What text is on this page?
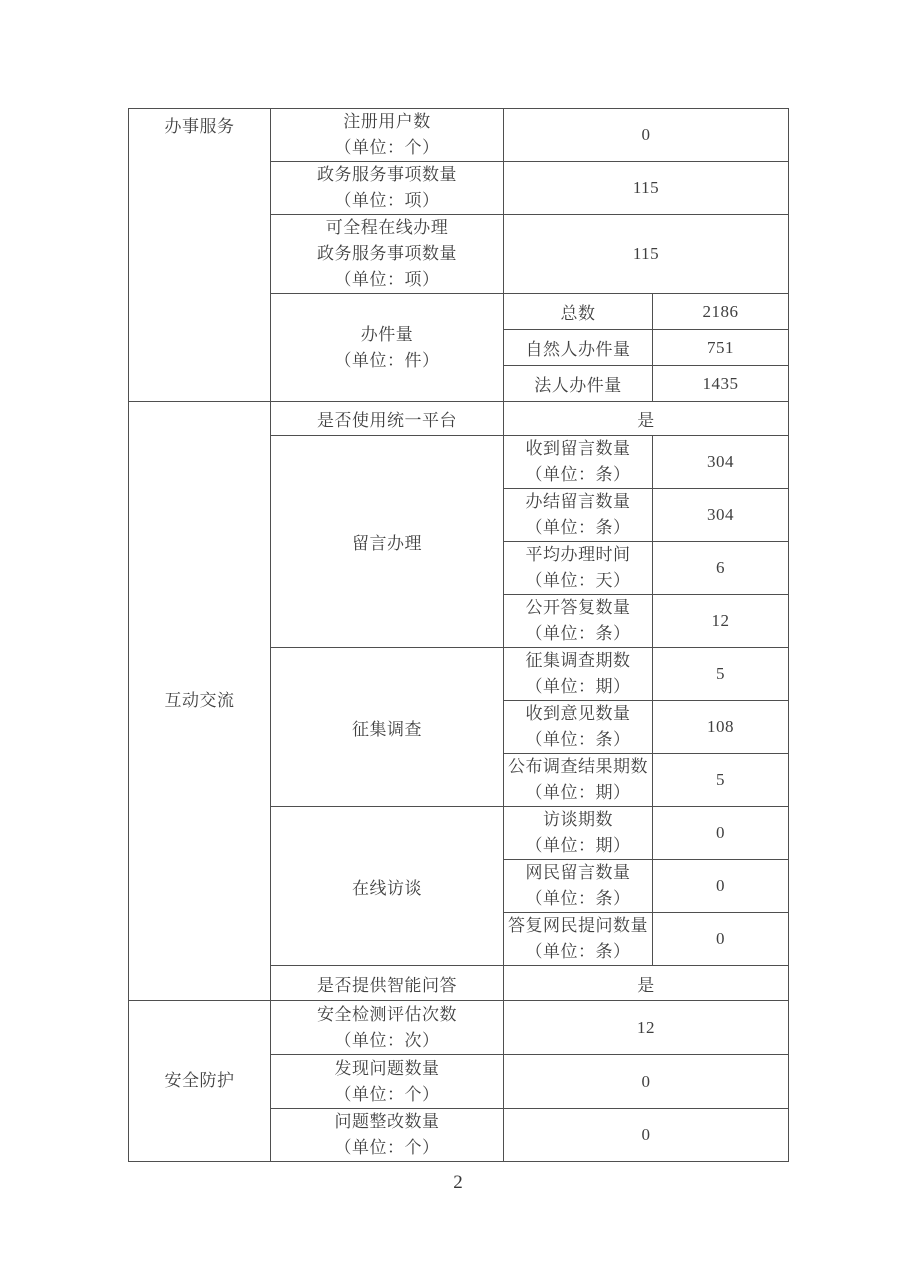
办事服务	注册用户数
（单位：个）	0	

	政务服务事项数量
（单位：项）	115	

	可全程在线办理
政务服务事项数量
（单位：项）	115	

	办件量
（单位：件）	总数	2186
		自然人办件量	751
		法人办件量	1435

互动交流	是否使用统一平台	是	
	留言办理	收到留言数量
（单位：条）	304

		办结留言数量
（单位：条）	304

		平均办理时间
（单位：天）	6

		公开答复数量
（单位：条）	12
	征集调查	征集调查期数
（单位：期）	5

		收到意见数量
（单位：条）	108

		公布调查结果期数
（单位：期）	5
	在线访谈	访谈期数
（单位：期）	0

		网民留言数量
（单位：条）	0

		答复网民提问数量
（单位：条）	0
	是否提供智能问答	是	

安全防护	安全检测评估次数
（单位：次）	12	

	发现问题数量
（单位：个）	0	

	问题整改数量
（单位：个）	0	
2
